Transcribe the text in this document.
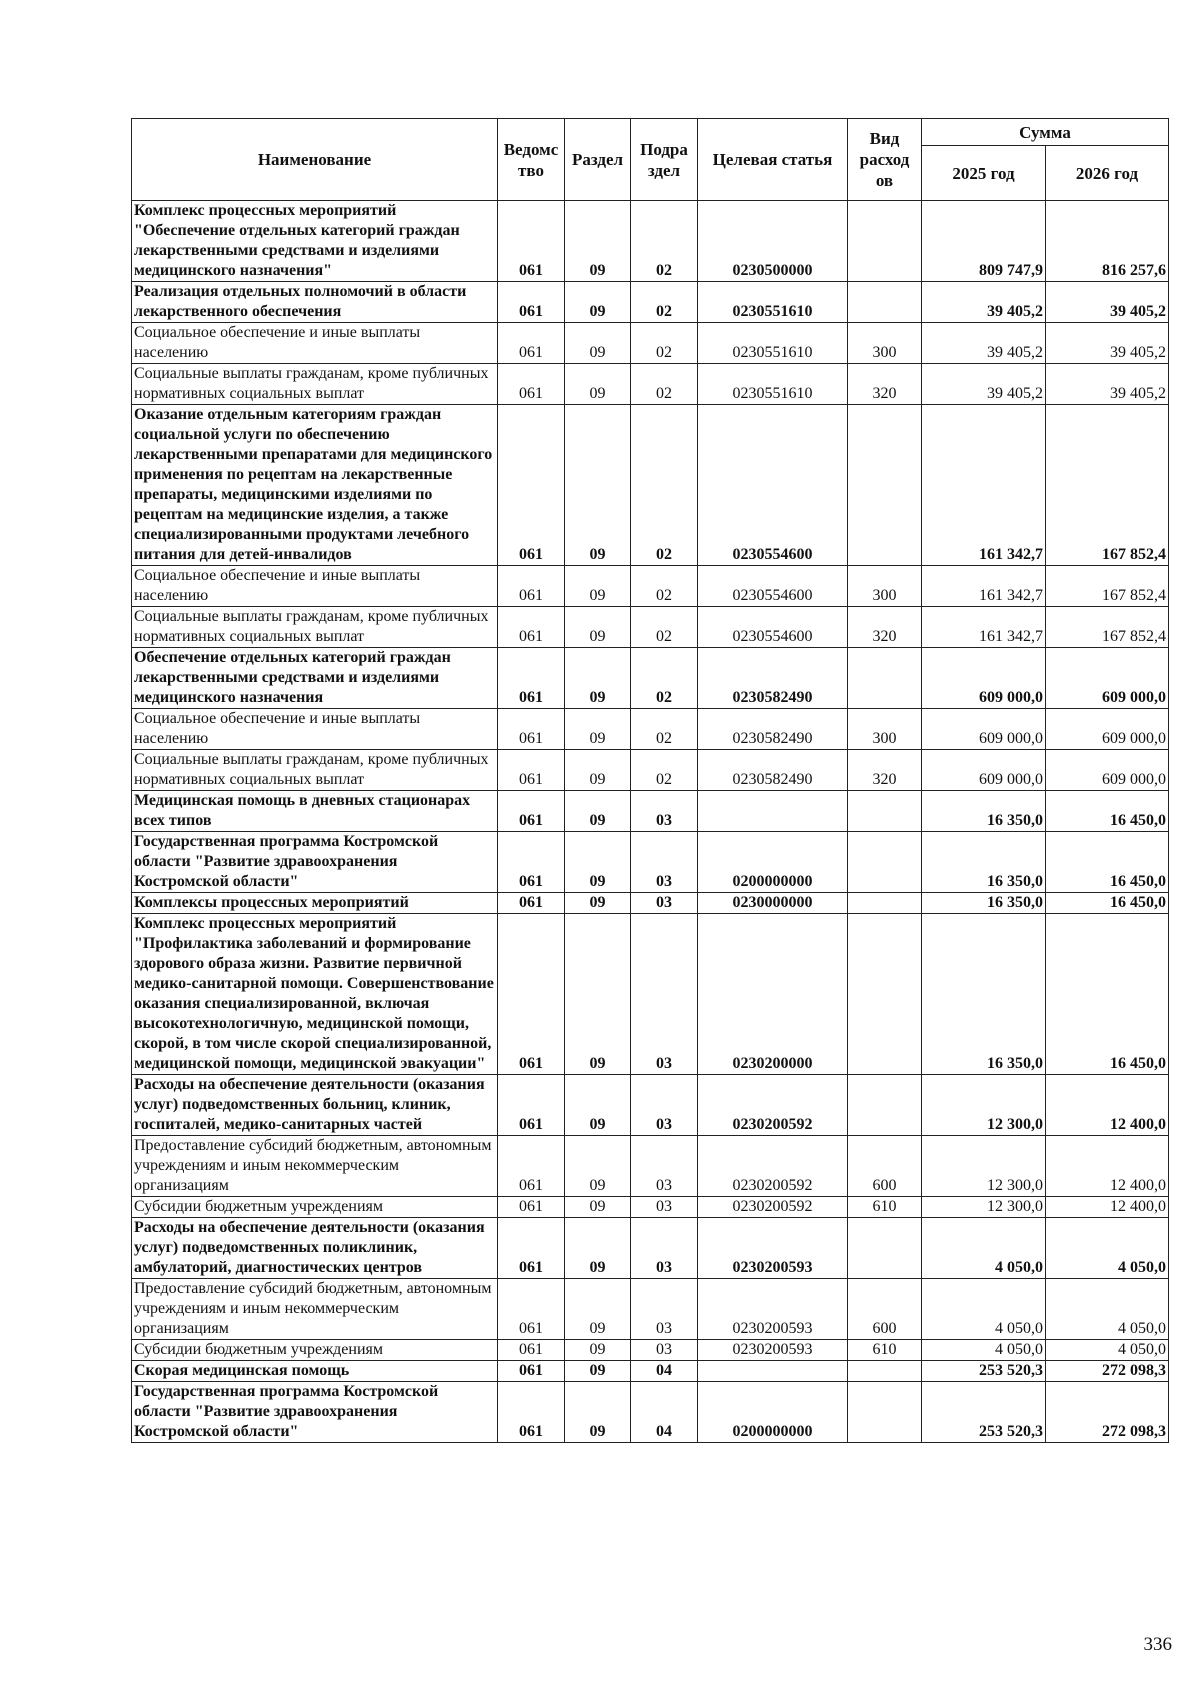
Наименование	Ведомс тво	Раздел	Подра здел	Целевая статья	Вид расход ов	Сумма	
						2025 год	2026 год
Комплекс процессных мероприятий "Обеспечение отдельных категорий граждан лекарственными средствами и изделиями медицинского назначения"	061	09	02	0230500000		809 747,9	816 257,6
Реализация отдельных полномочий в области лекарственного обеспечения	061	09	02	0230551610		39 405,2	39 405,2
Социальное обеспечение и иные выплаты населению	061	09	02	0230551610	300	39 405,2	39 405,2
Социальные выплаты гражданам, кроме публичных нормативных социальных выплат	061	09	02	0230551610	320	39 405,2	39 405,2
Оказание отдельным категориям граждан социальной услуги по обеспечению лекарственными препаратами для медицинского применения по рецептам на лекарственные препараты, медицинскими изделиями по рецептам на медицинские изделия, а также специализированными продуктами лечебного питания для детей-инвалидов	061	09	02	0230554600		161 342,7	167 852,4
Социальное обеспечение и иные выплаты населению	061	09	02	0230554600	300	161 342,7	167 852,4
Социальные выплаты гражданам, кроме публичных нормативных социальных выплат	061	09	02	0230554600	320	161 342,7	167 852,4
Обеспечение отдельных категорий граждан лекарственными средствами и изделиями медицинского назначения	061	09	02	0230582490		609 000,0	609 000,0
Социальное обеспечение и иные выплаты населению	061	09	02	0230582490	300	609 000,0	609 000,0
Социальные выплаты гражданам, кроме публичных нормативных социальных выплат	061	09	02	0230582490	320	609 000,0	609 000,0
Медицинская помощь в дневных стационарах всех типов	061	09	03			16 350,0	16 450,0
Государственная программа Костромской области "Развитие здравоохранения Костромской области"	061	09	03	0200000000		16 350,0	16 450,0
Комплексы процессных мероприятий	061	09	03	0230000000		16 350,0	16 450,0
Комплекс процессных мероприятий "Профилактика заболеваний и формирование здорового образа жизни. Развитие первичной медико-санитарной помощи. Совершенствование оказания специализированной, включая высокотехнологичную, медицинской помощи, скорой, в том числе скорой специализированной, медицинской помощи, медицинской эвакуации"	061	09	03	0230200000		16 350,0	16 450,0
Расходы на обеспечение деятельности (оказания услуг) подведомственных больниц, клиник, госпиталей, медико-санитарных частей	061	09	03	0230200592		12 300,0	12 400,0
Предоставление субсидий бюджетным, автономным учреждениям и иным некоммерческим организациям	061	09	03	0230200592	600	12 300,0	12 400,0
Субсидии бюджетным учреждениям	061	09	03	0230200592	610	12 300,0	12 400,0
Расходы на обеспечение деятельности (оказания услуг) подведомственных поликлиник, амбулаторий, диагностических центров	061	09	03	0230200593		4 050,0	4 050,0
Предоставление субсидий бюджетным, автономным учреждениям и иным некоммерческим организациям	061	09	03	0230200593	600	4 050,0	4 050,0
Субсидии бюджетным учреждениям	061	09	03	0230200593	610	4 050,0	4 050,0
Скорая медицинская помощь	061	09	04			253 520,3	272 098,3
Государственная программа Костромской области "Развитие здравоохранения Костромской области"	061	09	04	0200000000		253 520,3	272 098,3
336
